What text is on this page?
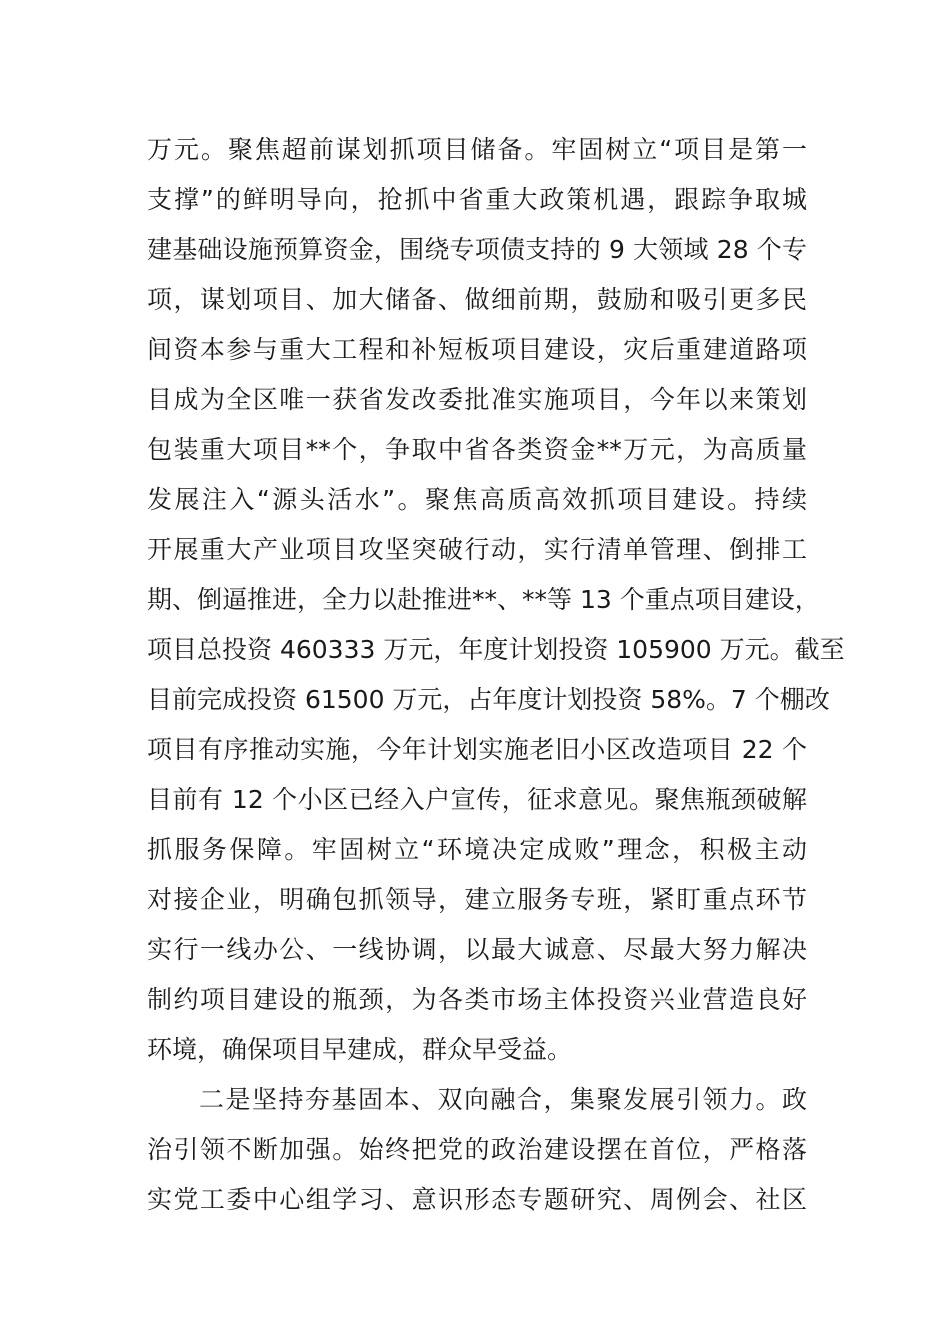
万元。聚焦超前谋划抓项目储备。牢固树立“项目是第一
支撑”的鲜明导向，抢抓中省重大政策机遇，跟踪争取城
建基础设施预算资金，围绕专项债支持的 9 大领域 28 个专
项，谋划项目、加大储备、做细前期，鼓励和吸引更多民
间资本参与重大工程和补短板项目建设，灾后重建道路项
目成为全区唯一获省发改委批准实施项目，今年以来策划
包装重大项目**个，争取中省各类资金**万元，为高质量
发展注入“源头活水”。聚焦高质高效抓项目建设。持续
开展重大产业项目攻坚突破行动，实行清单管理、倒排工
期、倒逼推进，全力以赴推进**、**等 13 个重点项目建设，
项目总投资 460333 万元，年度计划投资 105900 万元。截至
目前完成投资 61500 万元，占年度计划投资 58%。7 个棚改
项目有序推动实施，今年计划实施老旧小区改造项目 22 个
目前有 12 个小区已经入户宣传，征求意见。聚焦瓶颈破解
抓服务保障。牢固树立“环境决定成败”理念，积极主动
对接企业，明确包抓领导，建立服务专班，紧盯重点环节
实行一线办公、一线协调，以最大诚意、尽最大努力解决
制约项目建设的瓶颈，为各类市场主体投资兴业营造良好
环境，确保项目早建成，群众早受益。
二是坚持夯基固本、双向融合，集聚发展引领力。政
治引领不断加强。始终把党的政治建设摆在首位，严格落
实党工委中心组学习、意识形态专题研究、周例会、社区
